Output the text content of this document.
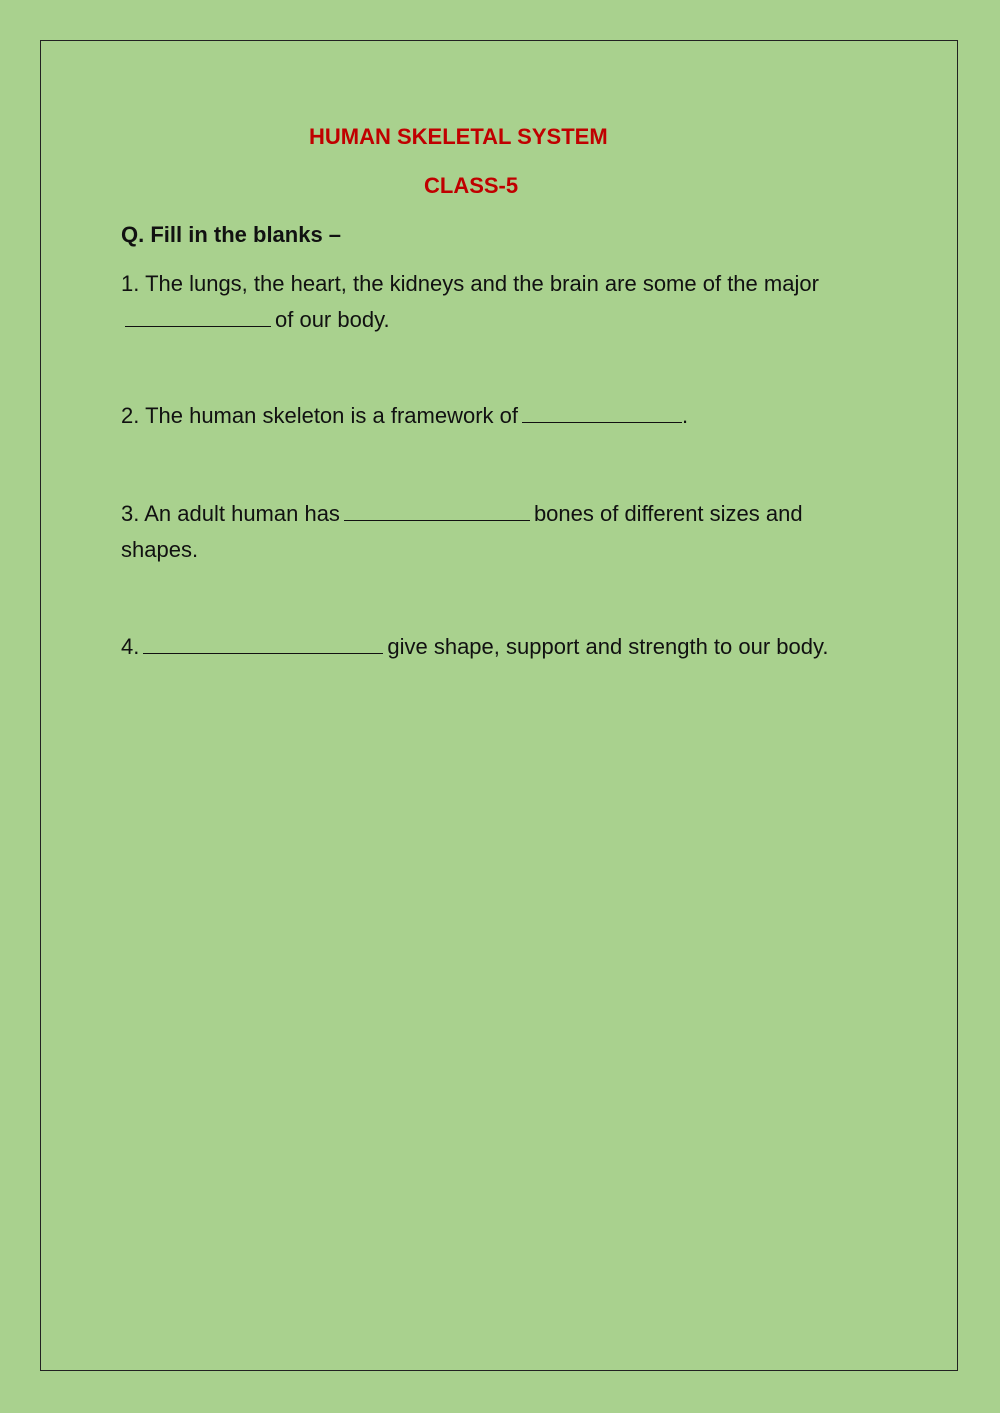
HUMAN SKELETAL SYSTEM
CLASS-5

Q. Fill in the blanks –

1. The lungs, the heart, the kidneys and the brain are some of the majorof our body.

2. The human skeleton is a framework of	.

3. An adult human has	bones of different sizes and shapes.

4.	give shape, support and strength to our body.
